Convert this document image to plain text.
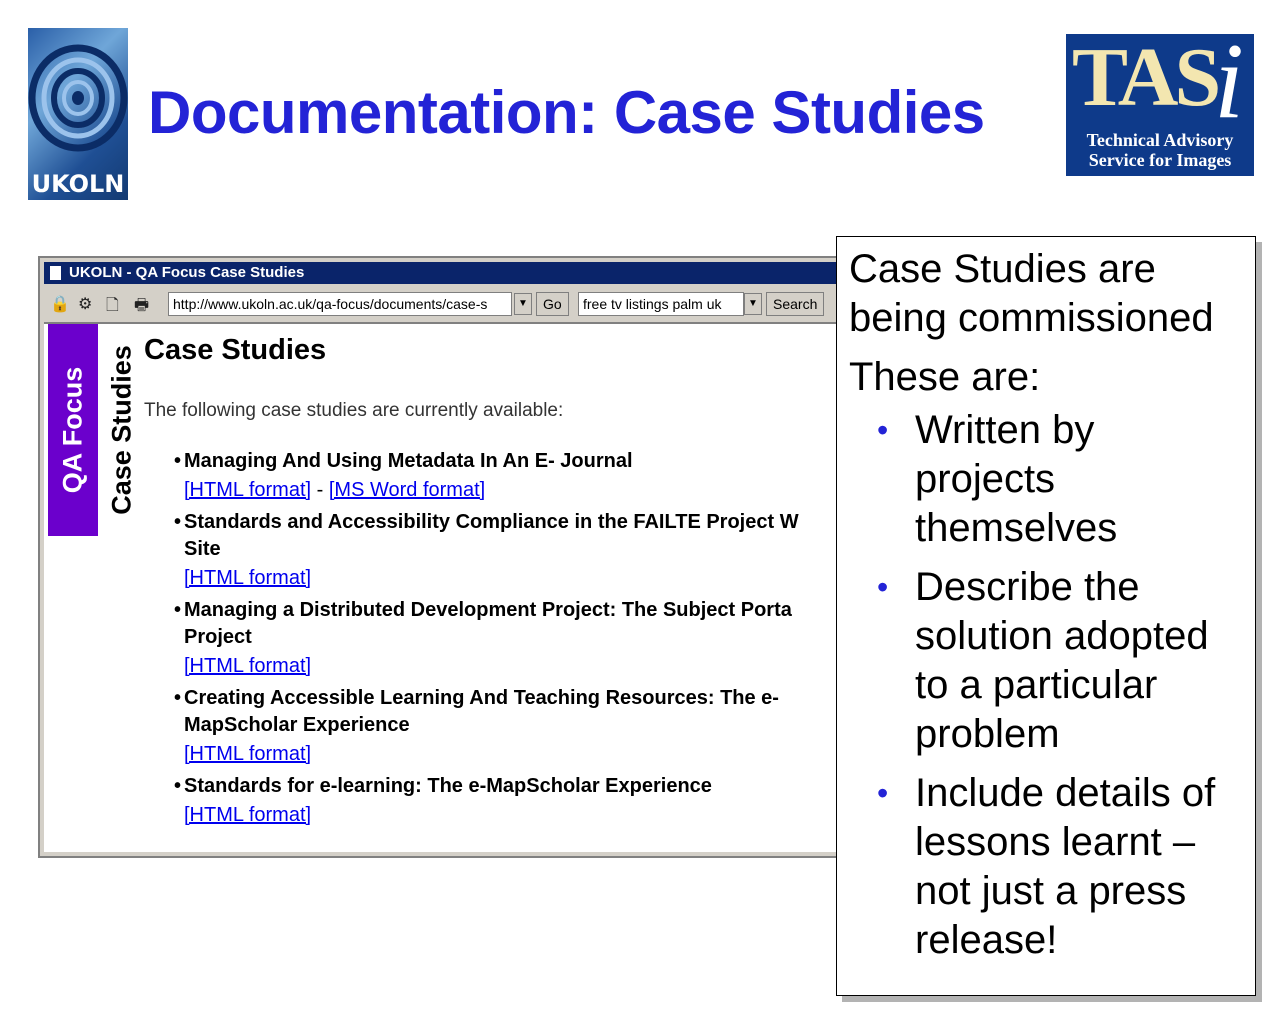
UKOLN
Documentation: Case Studies TAS
i
Technical Advisory
Service for Images
UKOLN - QA Focus Case Studies
🔒 ⚙ 🗋 🖶	http://www.ukoln.ac.uk/qa-focus/documents/case-s	▼	Go	free tv listings palm uk	▼	Search
QA Focus Case Studies Case Studies
The following case studies are currently available:
• Managing And Using Metadata In An E- Journal
[HTML format] - [MS Word format]
• Standards and Accessibility Compliance in the FAILTE Project W
Site
[HTML format]
• Managing a Distributed Development Project: The Subject Porta
Project
[HTML format]
• Creating Accessible Learning And Teaching Resources: The e-
MapScholar Experience
[HTML format]
• Standards for e-learning: The e-MapScholar Experience
[HTML format]
Case Studies are
being commissioned
These are:
• Written by
projects
themselves
• Describe the
solution adopted
to a particular
problem
• Include details of
lessons learnt –
not just a press
release!
